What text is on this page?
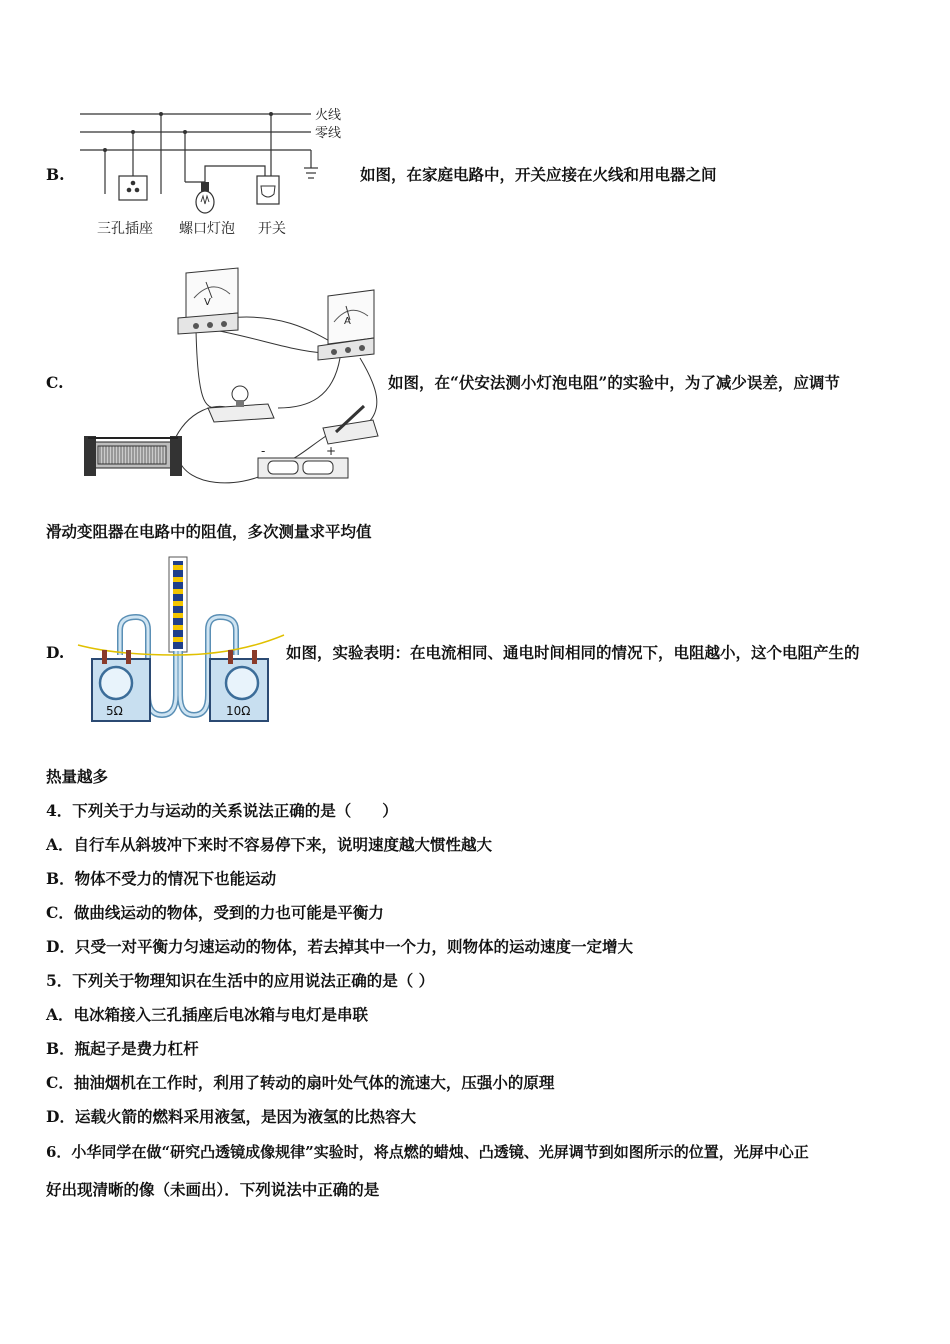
B.
火线
零线
三孔插座 螺口灯泡 开关
如图，在家庭电路中，开关应接在火线和用电器之间
C.
V
A
-	+
如图，在“伏安法测小灯泡电阻”的实验中，为了减少误差，应调节
滑动变阻器在电路中的阻值，多次测量求平均值
D.
5Ω	10Ω
如图，实验表明：在电流相同、通电时间相同的情况下，电阻越小，这个电阻产生的
热量越多
4．下列关于力与运动的关系说法正确的是（　　）
A．自行车从斜坡冲下来时不容易停下来，说明速度越大惯性越大
B．物体不受力的情况下也能运动
C．做曲线运动的物体，受到的力也可能是平衡力
D．只受一对平衡力匀速运动的物体，若去掉其中一个力，则物体的运动速度一定增大
5．下列关于物理知识在生活中的应用说法正确的是（ ）
A．电冰箱接入三孔插座后电冰箱与电灯是串联
B．瓶起子是费力杠杆
C．抽油烟机在工作时，利用了转动的扇叶处气体的流速大，压强小的原理
D．运载火箭的燃料采用液氢，是因为液氢的比热容大
6．小华同学在做“研究凸透镜成像规律”实验时，将点燃的蜡烛、凸透镜、光屏调节到如图所示的位置，光屏中心正
好出现清晰的像（未画出）．下列说法中正确的是
